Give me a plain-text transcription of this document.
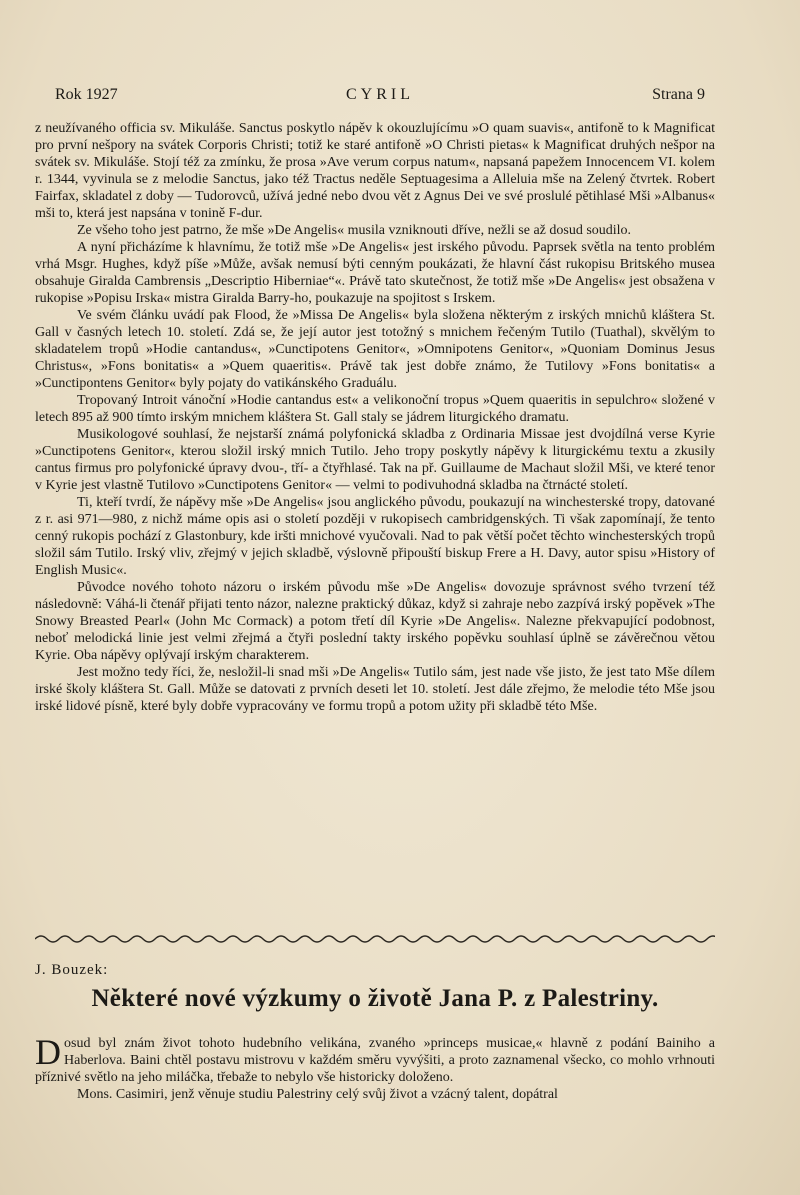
Rok 1927	CYRIL	Strana 9

z neužívaného officia sv. Mikuláše. Sanctus poskytlo nápěv k okouzlujícímu »O quam suavis«, antifoně to k Magnificat pro první nešpory na svátek Corporis Christi; totiž ke staré antifoně »O Christi pietas« k Magnificat druhých nešpor na svátek sv. Mikuláše. Stojí též za zmínku, že prosa »Ave verum corpus natum«, napsaná papežem Innocencem VI. kolem r. 1344, vyvinula se z melodie Sanctus, jako též Tractus neděle Septuagesima a Alleluia mše na Zelený čtvrtek. Robert Fairfax, skladatel z doby — Tudorovců, užívá jedné nebo dvou vět z Agnus Dei ve své proslulé pětihlasé Mši »Albanus« mši to, která jest napsána v tonině F-dur.

Ze všeho toho jest patrno, že mše »De Angelis« musila vzniknouti dříve, nežli se až dosud soudilo.

A nyní přicházíme k hlavnímu, že totiž mše »De Angelis« jest irského původu. Paprsek světla na tento problém vrhá Msgr. Hughes, když píše »Může, avšak nemusí býti cenným poukázati, že hlavní část rukopisu Britského musea obsahuje Giralda Cambrensis „Descriptio Hiberniae“«. Právě tato skutečnost, že totiž mše »De Angelis« jest obsažena v rukopise »Popisu Irska« mistra Giralda Barry-ho, poukazuje na spojitost s Irskem.

Ve svém článku uvádí pak Flood, že »Missa De Angelis« byla složena některým z irských mnichů kláštera St. Gall v časných letech 10. století. Zdá se, že její autor jest totožný s mnichem řečeným Tutilo (Tuathal), skvělým to skladatelem tropů »Hodie cantandus«, »Cunctipotens Genitor«, »Omnipotens Genitor«, »Quoniam Dominus Jesus Christus«, »Fons bonitatis« a »Quem quaeritis«. Právě tak jest dobře známo, že Tutilovy »Fons bonitatis« a »Cunctipontens Genitor« byly pojaty do vatikánského Graduálu.

Tropovaný Introit vánoční »Hodie cantandus est« a velikonoční tropus »Quem quaeritis in sepulchro« složené v letech 895 až 900 tímto irským mnichem kláštera St. Gall staly se jádrem liturgického dramatu.

Musikologové souhlasí, že nejstarší známá polyfonická skladba z Ordinaria Missae jest dvojdílná verse Kyrie »Cunctipotens Genitor«, kterou složil irský mnich Tutilo. Jeho tropy poskytly nápěvy k liturgickému textu a zkusily cantus firmus pro polyfonické úpravy dvou-, tří- a čtyřhlasé. Tak na př. Guillaume de Machaut složil Mši, ve které tenor v Kyrie jest vlastně Tutilovo »Cunctipotens Genitor« — velmi to podivuhodná skladba na čtrnácté století.

Ti, kteří tvrdí, že nápěvy mše »De Angelis« jsou anglického původu, poukazují na winchesterské tropy, datované z r. asi 971—980, z nichž máme opis asi o století později v rukopisech cambridgenských. Ti však zapomínají, že tento cenný rukopis pochází z Glastonbury, kde iršti mnichové vyučovali. Nad to pak větší počet těchto winchesterských tropů složil sám Tutilo. Irský vliv, zřejmý v jejich skladbě, výslovně připouští biskup Frere a H. Davy, autor spisu »History of English Music«.

Původce nového tohoto názoru o irském původu mše »De Angelis« dovozuje správnost svého tvrzení též následovně: Váhá-li čtenář přijati tento názor, nalezne praktický důkaz, když si zahraje nebo zazpívá irský popěvek »The Snowy Breasted Pearl« (John Mc Cormack) a potom třetí díl Kyrie »De Angelis«. Nalezne překvapující podobnost, neboť melodická linie jest velmi zřejmá a čtyři poslední takty irského popěvku souhlasí úplně se závěrečnou větou Kyrie. Oba nápěvy oplývají irským charakterem.

Jest možno tedy říci, že, nesložil-li snad mši »De Angelis« Tutilo sám, jest nade vše jisto, že jest tato Mše dílem irské školy kláštera St. Gall. Může se datovati z prvních deseti let 10. století. Jest dále zřejmo, že melodie této Mše jsou irské lidové písně, které byly dobře vypracovány ve formu tropů a potom užity při skladbě této Mše.

J. Bouzek:
Některé nové výzkumy o životě Jana P. z Palestriny.

Dosud byl znám život tohoto hudebního velikána, zvaného »princeps musicae,« hlavně z podání Bainiho a Haberlova. Baini chtěl postavu mistrovu v každém směru vyvýšiti, a proto zaznamenal všecko, co mohlo vrhnouti příznivé světlo na jeho miláčka, třebaže to nebylo vše historicky doloženo.

Mons. Casimiri, jenž věnuje studiu Palestriny celý svůj život a vzácný talent, dopátral
